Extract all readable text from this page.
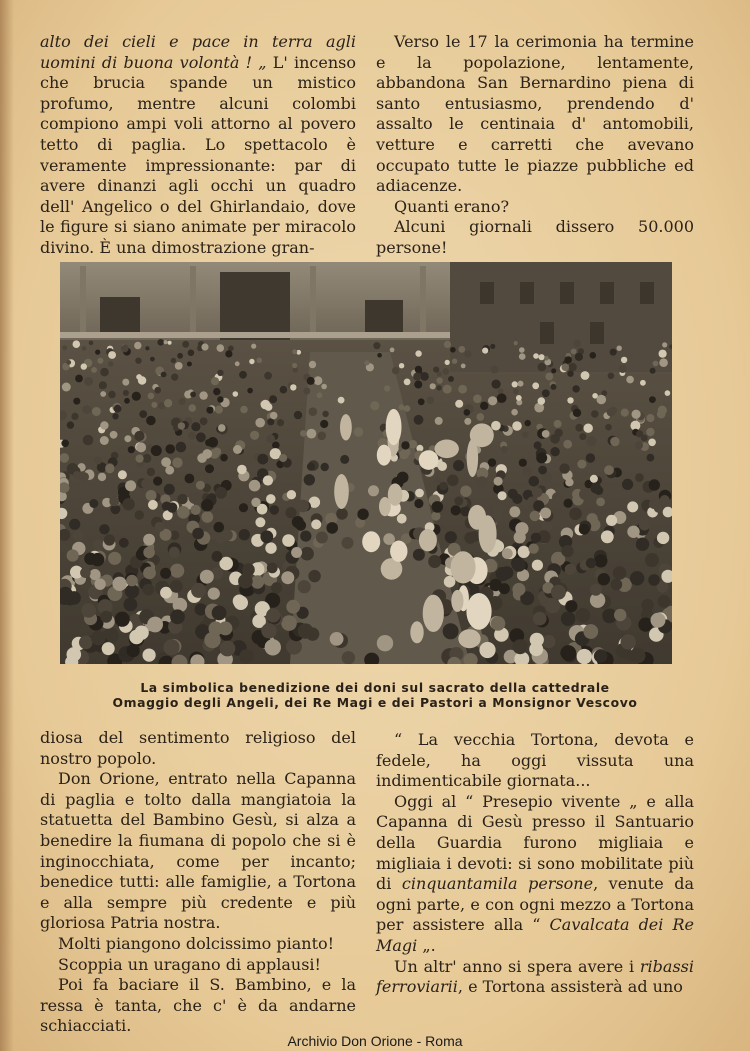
alto dei cieli e pace in terra agli uomini di buona volontà ! „ L' incenso che brucia spande un mistico profumo, mentre alcuni colombi compiono ampi voli attorno al povero tetto di paglia. Lo spettacolo è veramente impressionante: par di avere dinanzi agli occhi un quadro dell' Angelico o del Ghirlandaio, dove le figure si siano animate per miracolo divino. È una dimostrazione gran-

Verso le 17 la cerimonia ha termine e la popolazione, lentamente, abbandona San Bernardino piena di santo entusiasmo, prendendo d' assalto le centinaia d' antomobili, vetture e carretti che avevano occupato tutte le piazze pubbliche ed adiacenze.

Quanti erano?

Alcuni giornali dissero 50.000 persone!

La simbolica benedizione dei doni sul sacrato della cattedrale
Omaggio degli Angeli, dei Re Magi e dei Pastori a Monsignor Vescovo

diosa del sentimento religioso del nostro popolo.

Don Orione, entrato nella Capanna di paglia e tolto dalla mangiatoia la statuetta del Bambino Gesù, si alza a benedire la fiumana di popolo che si è inginocchiata, come per incanto; benedice tutti: alle famiglie, a Tortona e alla sempre più credente e più gloriosa Patria nostra.

Molti piangono dolcissimo pianto!

Scoppia un uragano di applausi!

Poi fa baciare il S. Bambino, e la ressa è tanta, che c' è da andarne schiacciati.

“ La vecchia Tortona, devota e fedele, ha oggi vissuta una indimenticabile giornata...

Oggi al “ Presepio vivente „ e alla Capanna di Gesù presso il Santuario della Guardia furono migliaia e migliaia i devoti: si sono mobilitate più di cinquantamila persone, venute da ogni parte, e con ogni mezzo a Tortona per assistere alla “ Cavalcata dei Re Magi „.

Un altr' anno si spera avere i ribassi ferroviarii, e Tortona assisterà ad uno

Archivio Don Orione - Roma
